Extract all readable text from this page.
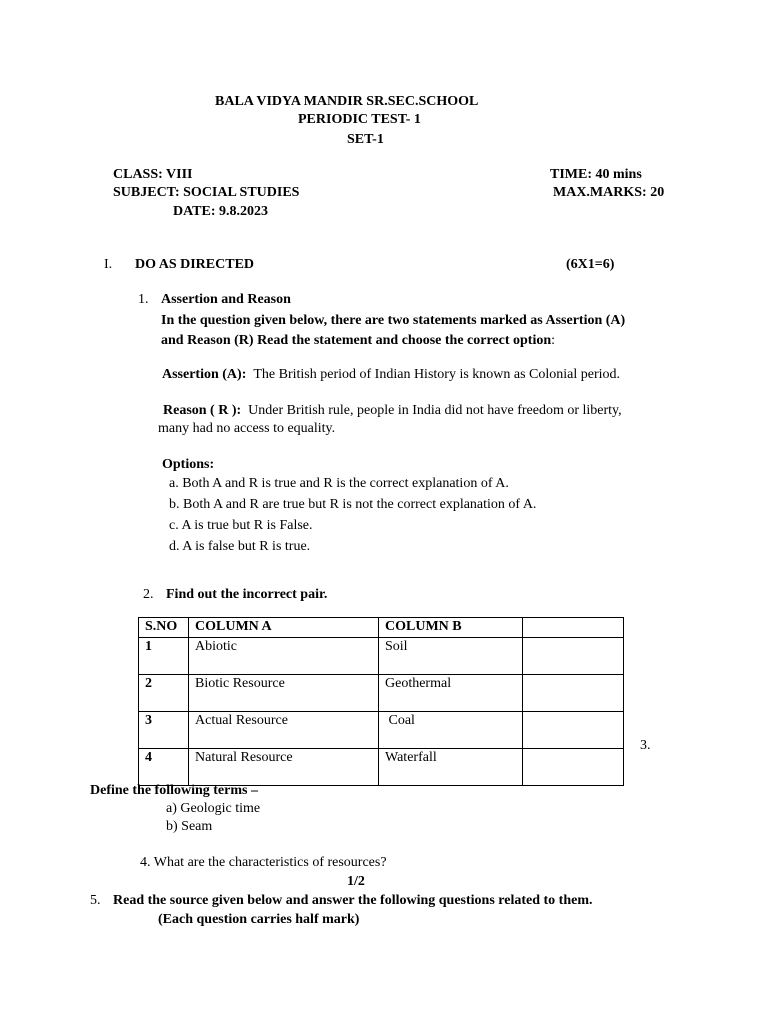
BALA VIDYA MANDIR SR.SEC.SCHOOL
PERIODIC TEST- 1
SET-1
CLASS: VIII
SUBJECT: SOCIAL STUDIES
DATE: 9.8.2023
TIME: 40 mins
MAX.MARKS: 20
I. DO AS DIRECTED	(6X1=6)
1. Assertion and Reason
In the question given below, there are two statements marked as Assertion (A)
and Reason (R) Read the statement and choose the correct option:
Assertion (A): The British period of Indian History is known as Colonial period.
Reason ( R ): Under British rule, people in India did not have freedom or liberty,
many had no access to equality.
Options:
a. Both A and R is true and R is the correct explanation of A.
b. Both A and R are true but R is not the correct explanation of A.
c. A is true but R is False.
d. A is false but R is true.
2. Find out the incorrect pair.
S.NO	COLUMN A	COLUMN B	
1	Abiotic	Soil	
2	Biotic Resource	Geothermal	
3	Actual Resource	Coal	
4	Natural Resource	Waterfall	
3.
Define the following terms –
a) Geologic time
b) Seam
4. What are the characteristics of resources?
1/2
5. Read the source given below and answer the following questions related to them.
(Each question carries half mark)
